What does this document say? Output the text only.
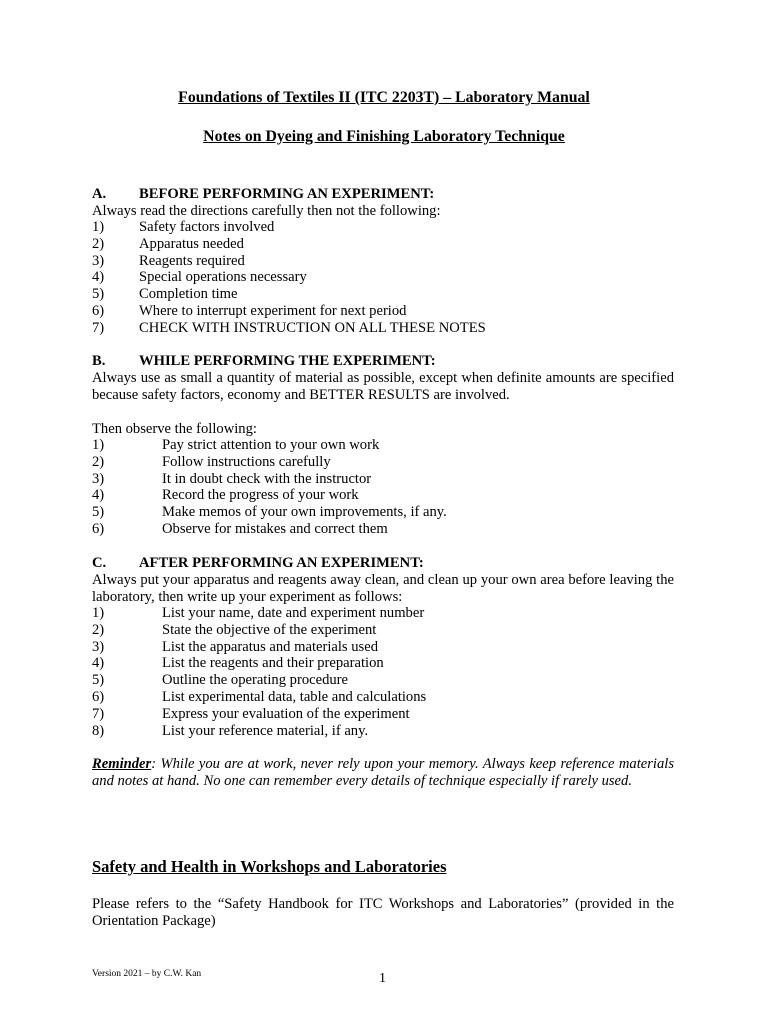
Foundations of Textiles II (ITC 2203T) – Laboratory Manual
Notes on Dyeing and Finishing Laboratory Technique
A. BEFORE PERFORMING AN EXPERIMENT:
Always read the directions carefully then not the following:
1) Safety factors involved
2) Apparatus needed
3) Reagents required
4) Special operations necessary
5) Completion time
6) Where to interrupt experiment for next period
7) CHECK WITH INSTRUCTION ON ALL THESE NOTES
B. WHILE PERFORMING THE EXPERIMENT:
Always use as small a quantity of material as possible, except when definite amounts are specified because safety factors, economy and BETTER RESULTS are involved.
Then observe the following:
1)	Pay strict attention to your own work
2)	Follow instructions carefully
3)	It in doubt check with the instructor
4)	Record the progress of your work
5)	Make memos of your own improvements, if any.
6)	Observe for mistakes and correct them
C. AFTER PERFORMING AN EXPERIMENT:
Always put your apparatus and reagents away clean, and clean up your own area before leaving the laboratory, then write up your experiment as follows:
1)	List your name, date and experiment number
2)	State the objective of the experiment
3)	List the apparatus and materials used
4)	List the reagents and their preparation
5)	Outline the operating procedure
6)	List experimental data, table and calculations
7)	Express your evaluation of the experiment
8)	List your reference material, if any.
Reminder: While you are at work, never rely upon your memory. Always keep reference materials and notes at hand. No one can remember every details of technique especially if rarely used.
Safety and Health in Workshops and Laboratories
Please refers to the “Safety Handbook for ITC Workshops and Laboratories” (provided in the Orientation Package)
Version 2021 – by C.W. Kan	1
